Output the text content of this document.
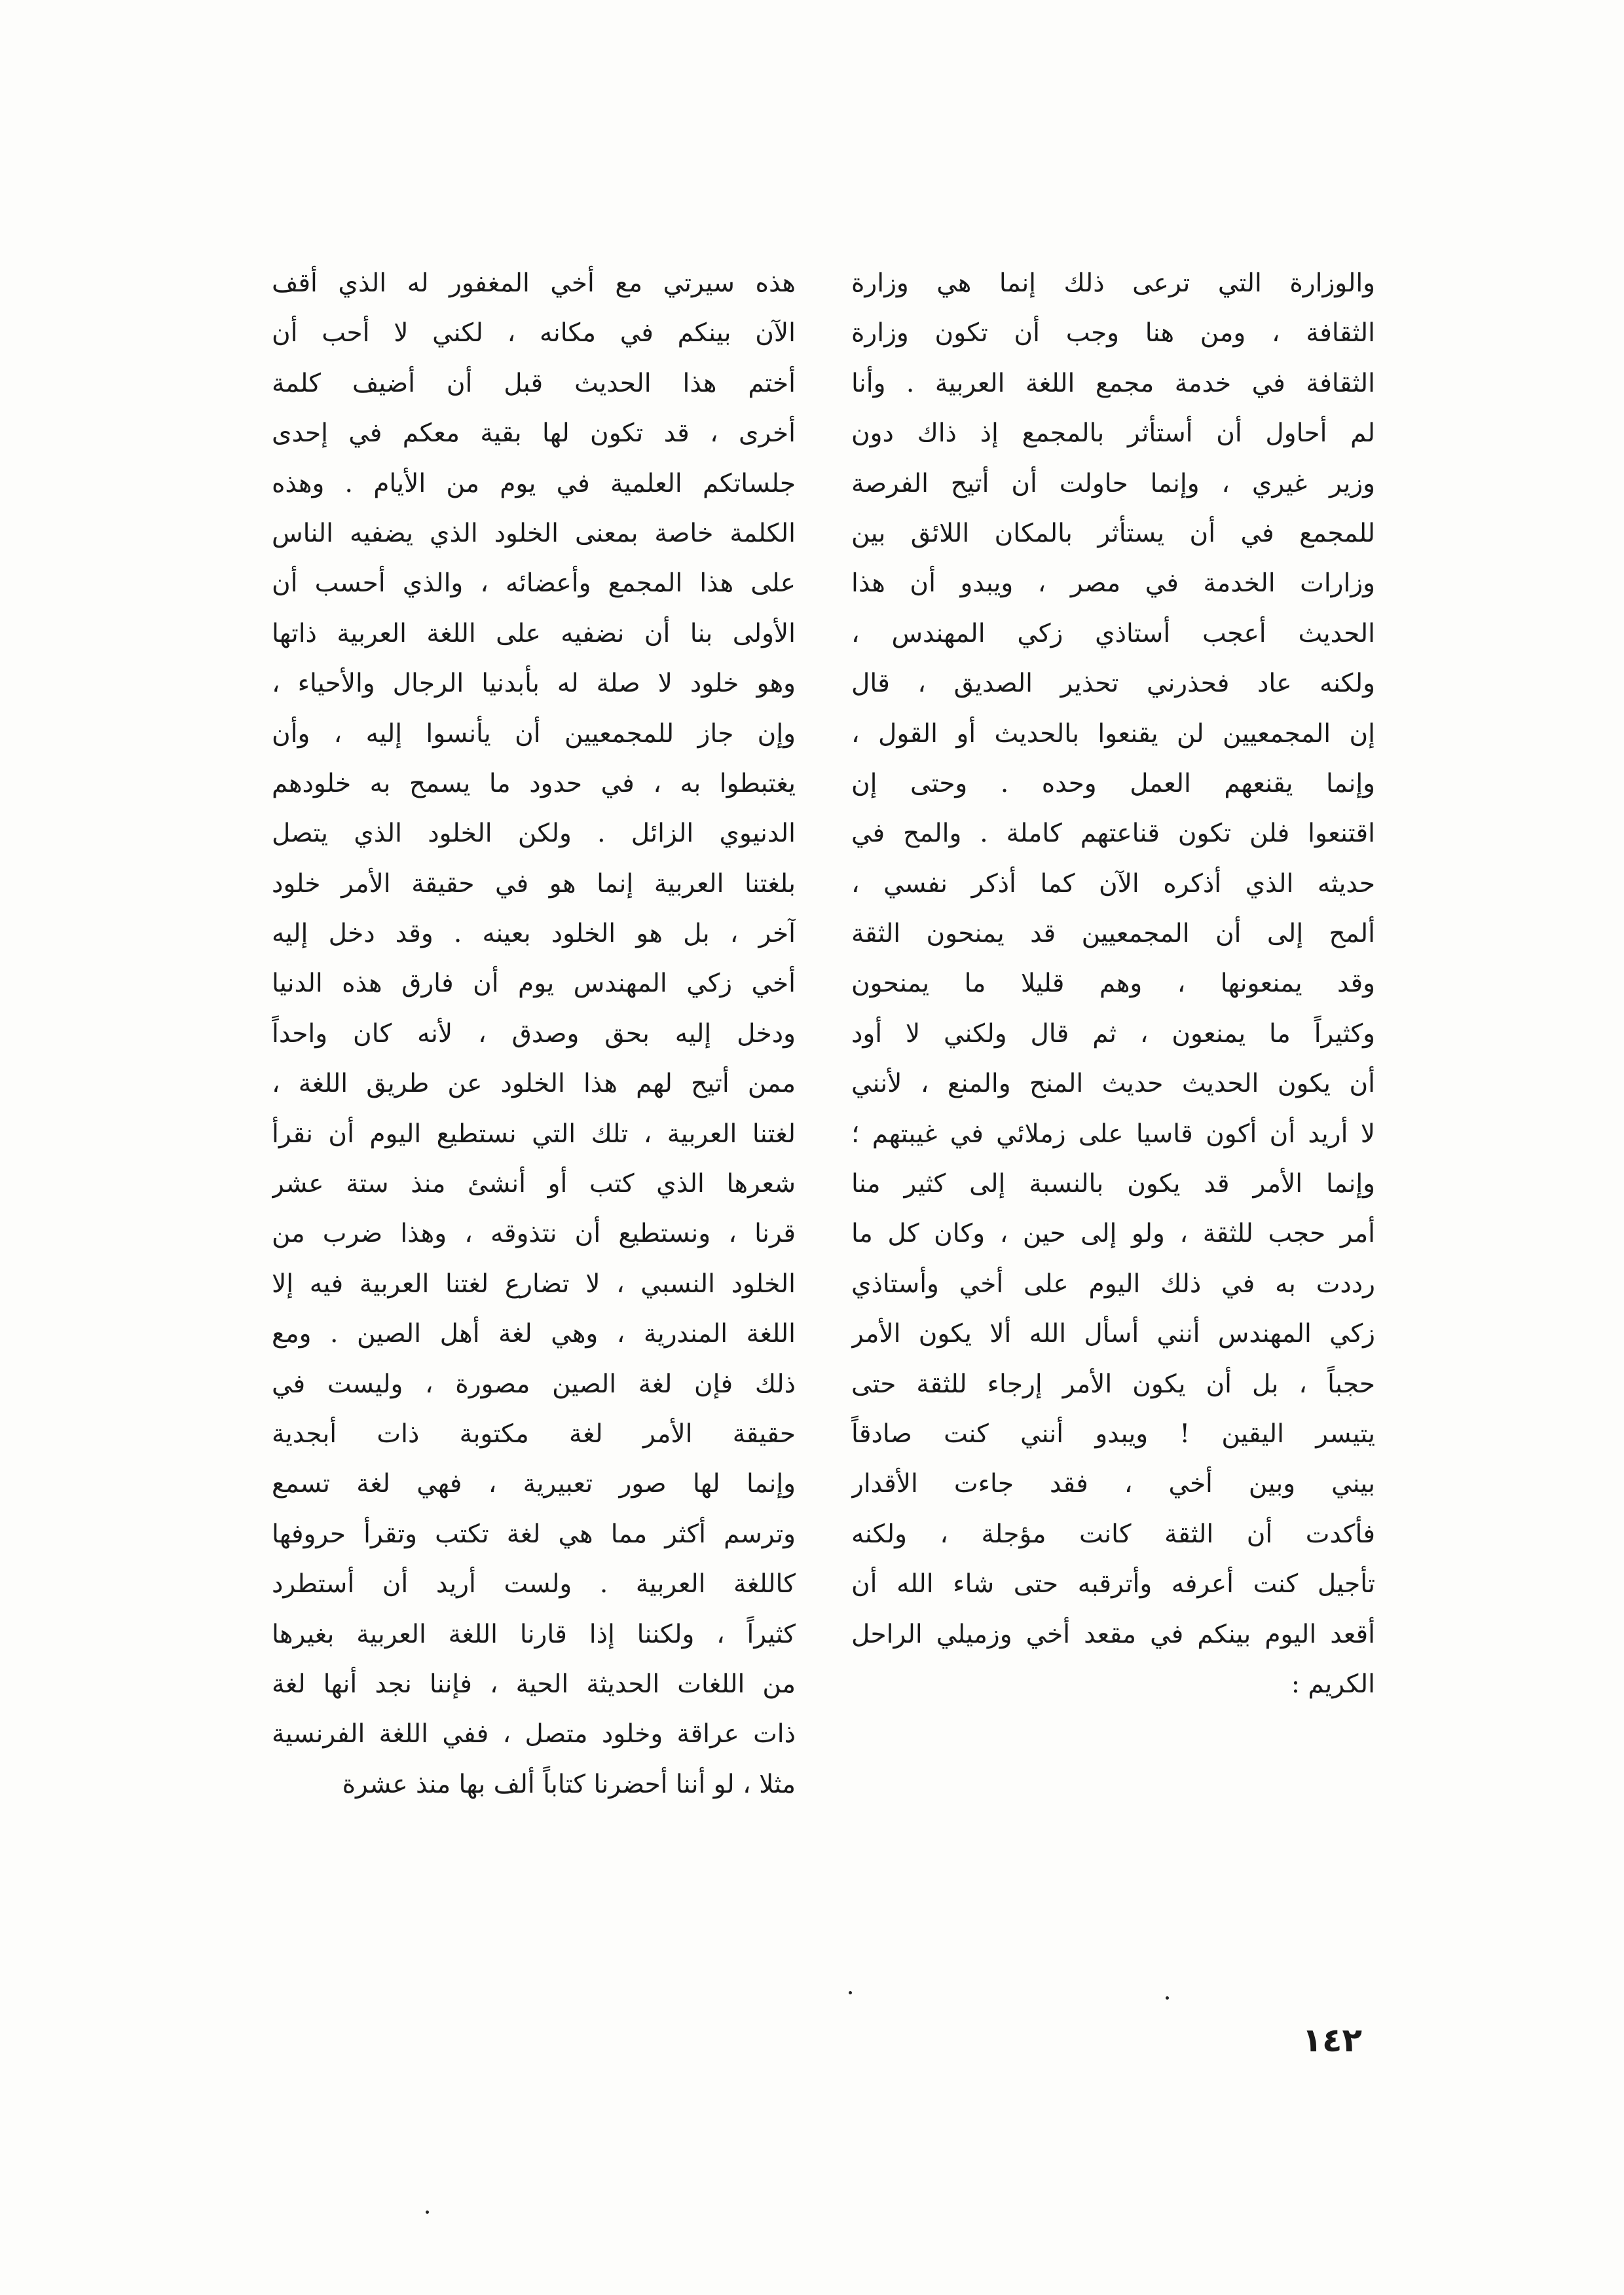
والوزارة التي ترعى ذلك إنما هي وزارة
الثقافة ، ومن هنا وجب أن تكون وزارة
الثقافة في خدمة مجمع اللغة العربية . وأنا
لم أحاول أن أستأثر بالمجمع إذ ذاك دون
وزير غيري ، وإنما حاولت أن أتيح الفرصة
للمجمع في أن يستأثر بالمكان اللائق بين
وزارات الخدمة في مصر ، ويبدو أن هذا
الحديث أعجب أستاذي زكي المهندس ،
ولكنه عاد فحذرني تحذير الصديق ، قال
إن المجمعيين لن يقنعوا بالحديث أو القول ،
وإنما يقنعهم العمل وحده . وحتى إن
اقتنعوا فلن تكون قناعتهم كاملة . والمح في
حديثه الذي أذكره الآن كما أذكر نفسي ،
ألمح إلى أن المجمعيين قد يمنحون الثقة
وقد يمنعونها ، وهم قليلا ما يمنحون
وكثيراً ما يمنعون ، ثم قال ولكني لا أود
أن يكون الحديث حديث المنح والمنع ، لأنني
لا أريد أن أكون قاسيا على زملائي في غيبتهم ؛
وإنما الأمر قد يكون بالنسبة إلى كثير منا
أمر حجب للثقة ، ولو إلى حين ، وكان كل ما
رددت به في ذلك اليوم على أخي وأستاذي
زكي المهندس أنني أسأل الله ألا يكون الأمر
حجباً ، بل أن يكون الأمر إرجاء للثقة حتى
يتيسر اليقين ! ويبدو أنني كنت صادقاً
بيني وبين أخي ، فقد جاءت الأقدار
فأكدت أن الثقة كانت مؤجلة ، ولكنه
تأجيل كنت أعرفه وأترقبه حتى شاء الله أن
أقعد اليوم بينكم في مقعد أخي وزميلي الراحل
الكريم :
هذه سيرتي مع أخي المغفور له الذي أقف
الآن بينكم في مكانه ، لكني لا أحب أن
أختم هذا الحديث قبل أن أضيف كلمة
أخرى ، قد تكون لها بقية معكم في إحدى
جلساتكم العلمية في يوم من الأيام . وهذه
الكلمة خاصة بمعنى الخلود الذي يضفيه الناس
على هذا المجمع وأعضائه ، والذي أحسب أن
الأولى بنا أن نضفيه على اللغة العربية ذاتها
وهو خلود لا صلة له بأبدنيا الرجال والأحياء ،
وإن جاز للمجمعيين أن يأنسوا إليه ، وأن
يغتبطوا به ، في حدود ما يسمح به خلودهم
الدنيوي الزائل . ولكن الخلود الذي يتصل
بلغتنا العربية إنما هو في حقيقة الأمر خلود
آخر ، بل هو الخلود بعينه . وقد دخل إليه
أخي زكي المهندس يوم أن فارق هذه الدنيا
ودخل إليه بحق وصدق ، لأنه كان واحداً
ممن أتيح لهم هذا الخلود عن طريق اللغة ،
لغتنا العربية ، تلك التي نستطيع اليوم أن نقرأ
شعرها الذي كتب أو أنشئ منذ ستة عشر
قرنا ، ونستطيع أن نتذوقه ، وهذا ضرب من
الخلود النسبي ، لا تضارع لغتنا العربية فيه إلا
اللغة المندرية ، وهي لغة أهل الصين . ومع
ذلك فإن لغة الصين مصورة ، وليست في
حقيقة الأمر لغة مكتوبة ذات أبجدية
وإنما لها صور تعبيرية ، فهي لغة تسمع
وترسم أكثر مما هي لغة تكتب وتقرأ حروفها
كاللغة العربية . ولست أريد أن أستطرد
كثيراً ، ولكننا إذا قارنا اللغة العربية بغيرها
من اللغات الحديثة الحية ، فإننا نجد أنها لغة
ذات عراقة وخلود متصل ، ففي اللغة الفرنسية
مثلا ، لو أننا أحضرنا كتاباً ألف بها منذ عشرة
١٤٢
